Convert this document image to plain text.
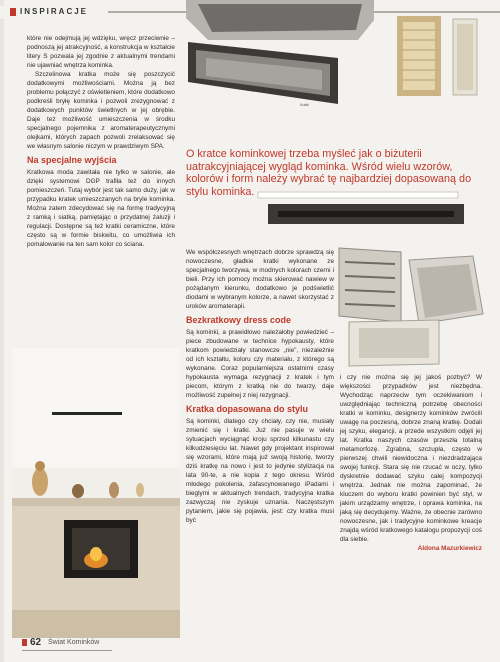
INSPIRACJE
Kratki

które nie odejmują jej wdzięku, wręcz przeciwnie – podnoszą jej atrakcyjność, a konstrukcja w kształcie litery S pozwala jej zgodnie z aktualnymi trendami nie ujawniać wnętrza kominka.

Szczelinowa kratka może się poszczycić dodatkowymi możliwościami. Można ją bez problemu połączyć z oświetleniem, które dodatkowo podkreśli bryłę kominka i pozwoli zrezygnować z dodatkowych punktów świetlnych w jej obrębie. Daje też możliwość umieszczenia w środku specjalnego pojemnika z aromaterapeutycznymi olejkami, których zapach pozwoli zrelaksować się we własnym salonie niczym w prawdziwym SPA.

Na specjalne wyjścia

Kratkowa moda zawitała nie tylko w salonie, ale dzięki systemowi DGP trafiła też do innych pomieszczeń. Tutaj wybór jest tak samo duży, jak w przypadku kratek umieszczanych na bryle kominka. Można zatem zdecydować się na formę tradycyjną z ramką i siatką, pamiętając o przydatnej żaluzji i regulacji. Dostępne są też kratki ceramiczne, które często są w formie biskwitu, co umożliwia ich pomalowanie na ten sam kolor co ściana.

O kratce kominkowej trzeba myśleć jak o biżuterii uatrakcyjniającej wygląd kominka. Wśród wielu wzorów, kolorów i form należy wybrać tę najbardziej dopasowaną do stylu kominka.

We współczesnych wnętrzach dobrze sprawdzą się nowoczesne, gładkie kratki wykonane ze specjalnego tworzywa, w modnych kolorach czerni i bieli. Przy ich pomocy można skierować nawiew w pożądanym kierunku, dodatkowo je podświetlić diodami w wybranym kolorze, a nawet skorzystać z uroków aromaterapii.

Bezkratkowy dress code

Są kominki, a prawidłowo należałoby powiedzieć – piece zbudowane w technice hypokausty, które kratkom powiedziały stanowcze „nie”, niezależnie od ich kształtu, koloru czy materiału, z którego są wykonane. Coraz popularniejsza ostatnimi czasy hypokausta wymaga rezygnacji z kratek i tym piecom, którym z kratką nie do twarzy, daje możliwość zupełnej z niej rezygnacji.

Kratka dopasowana do stylu

Są kominki, dlatego czy chciały, czy nie, musiały zmienić się i kratki. Już nie pasuje w wielu sytuacjach wyciągnąć kroju sprzed kilkunastu czy kilkudziesięciu lat. Nawet gdy projektant inspirował się wzorami, które mają już swoją historię, tworzy dziś kratkę na nowo i jest to jedynie stylizacja na lata 90-te, a nie kopia z tego okresu. Wśród młodego pokolenia, zafascynowanego iPadami i bieglymi w aktualnych trendach, tradycyjna kratka zazwyczaj nie zyskuje uznania. Naczęstszym pytaniem, jakie się pojawia, jest: czy kratka musi być

i czy nie można się jej jakoś pozbyć? W większości przypadków jest niezbędna. Wychodząc naprzeciw tym oczekiwaniom i uwzględniając techniczną potrzebę obecności kratki w kominku, designerzy kominków zwrócili uwagę na poczesną, dobrze znaną kratkę. Dodali jej szyku, elegancji, a przede wszystkim odjęli jej lat. Kratka naszych czasów przeszła totalną metamorfozę. Zgrabna, szczupła, często w pierwszej chwili niewidoczna i niezdradzająca swojej funkcji. Stara się nie rzucać w oczy, tylko dyskretnie dodawać szyku całej kompozycji wnętrza. Jednak nie można zapominać, że kluczem do wyboru kratki powinien być styl, w jakim urządzamy wnętrze, i oprawa kominka, na jaką się decydujemy. Ważne, że obecnie zarówno nowoczesne, jak i tradycyjne kominkowe kreacje znajdą wśród kratkowego katalogu propozycji coś dla siebie.

Aldona Mazurkiewicz
62 Świat Kominków
